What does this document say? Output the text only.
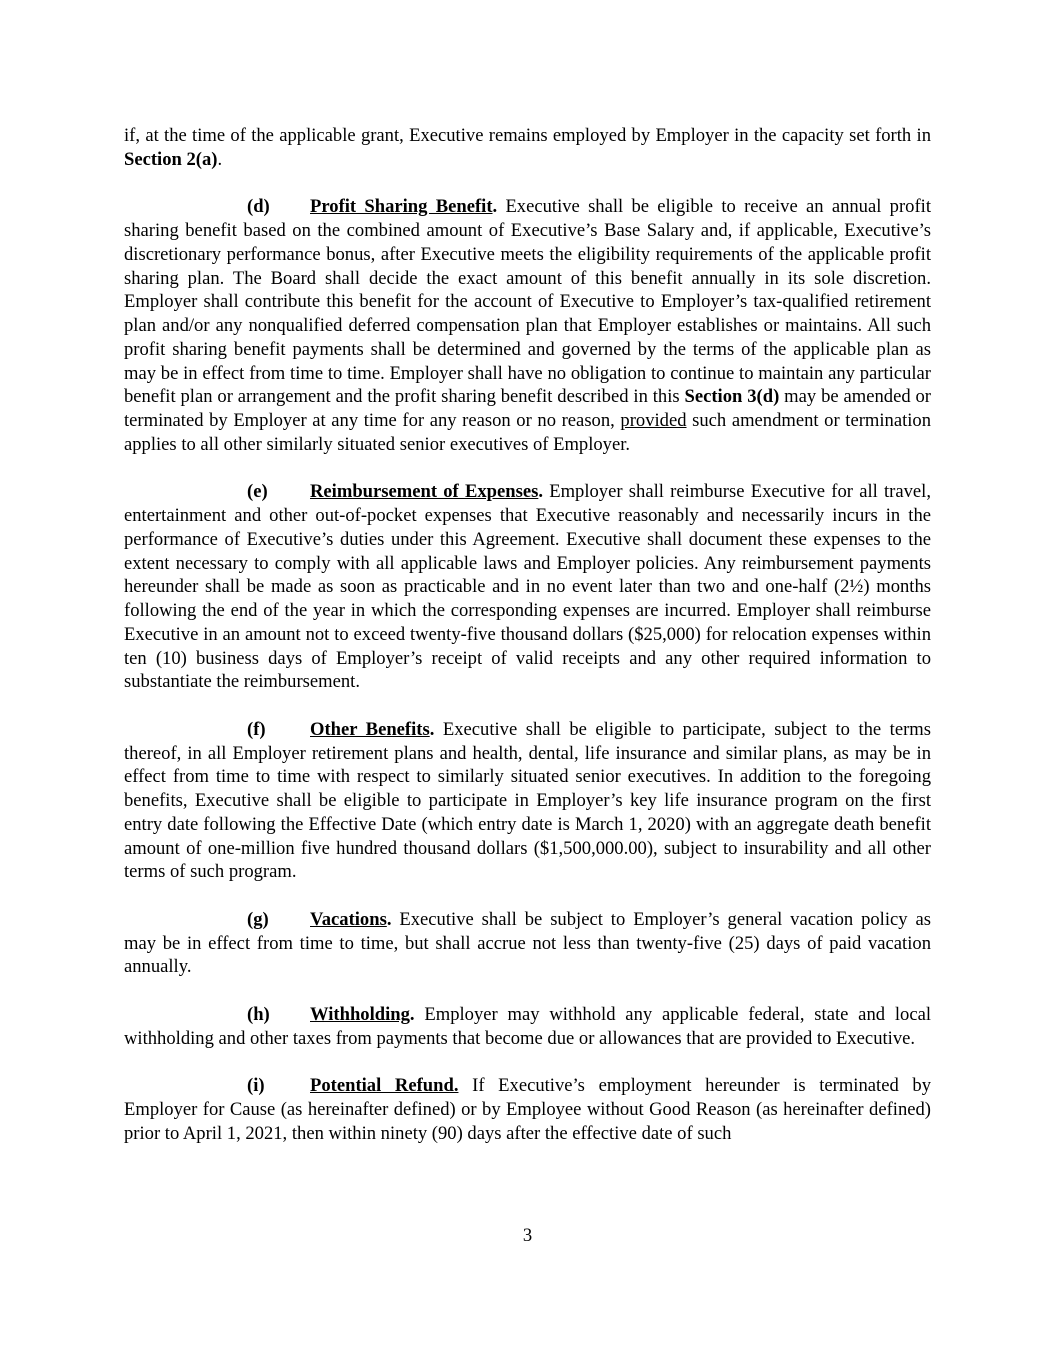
if, at the time of the applicable grant, Executive remains employed by Employer in the capacity set forth in Section 2(a).

(d) Profit Sharing Benefit. Executive shall be eligible to receive an annual profit sharing benefit based on the combined amount of Executive’s Base Salary and, if applicable, Executive’s discretionary performance bonus, after Executive meets the eligibility requirements of the applicable profit sharing plan. The Board shall decide the exact amount of this benefit annually in its sole discretion. Employer shall contribute this benefit for the account of Executive to Employer’s tax-qualified retirement plan and/or any nonqualified deferred compensation plan that Employer establishes or maintains. All such profit sharing benefit payments shall be determined and governed by the terms of the applicable plan as may be in effect from time to time. Employer shall have no obligation to continue to maintain any particular benefit plan or arrangement and the profit sharing benefit described in this Section 3(d) may be amended or terminated by Employer at any time for any reason or no reason, provided such amendment or termination applies to all other similarly situated senior executives of Employer.

(e) Reimbursement of Expenses. Employer shall reimburse Executive for all travel, entertainment and other out-of-pocket expenses that Executive reasonably and necessarily incurs in the performance of Executive’s duties under this Agreement. Executive shall document these expenses to the extent necessary to comply with all applicable laws and Employer policies. Any reimbursement payments hereunder shall be made as soon as practicable and in no event later than two and one-half (2½) months following the end of the year in which the corresponding expenses are incurred. Employer shall reimburse Executive in an amount not to exceed twenty-five thousand dollars ($25,000) for relocation expenses within ten (10) business days of Employer’s receipt of valid receipts and any other required information to substantiate the reimbursement.

(f) Other Benefits. Executive shall be eligible to participate, subject to the terms thereof, in all Employer retirement plans and health, dental, life insurance and similar plans, as may be in effect from time to time with respect to similarly situated senior executives. In addition to the foregoing benefits, Executive shall be eligible to participate in Employer’s key life insurance program on the first entry date following the Effective Date (which entry date is March 1, 2020) with an aggregate death benefit amount of one-million five hundred thousand dollars ($1,500,000.00), subject to insurability and all other terms of such program.

(g) Vacations. Executive shall be subject to Employer’s general vacation policy as may be in effect from time to time, but shall accrue not less than twenty-five (25) days of paid vacation annually.

(h) Withholding. Employer may withhold any applicable federal, state and local withholding and other taxes from payments that become due or allowances that are provided to Executive.

(i) Potential Refund. If Executive’s employment hereunder is terminated by Employer for Cause (as hereinafter defined) or by Employee without Good Reason (as hereinafter defined) prior to April 1, 2021, then within ninety (90) days after the effective date of such

3
